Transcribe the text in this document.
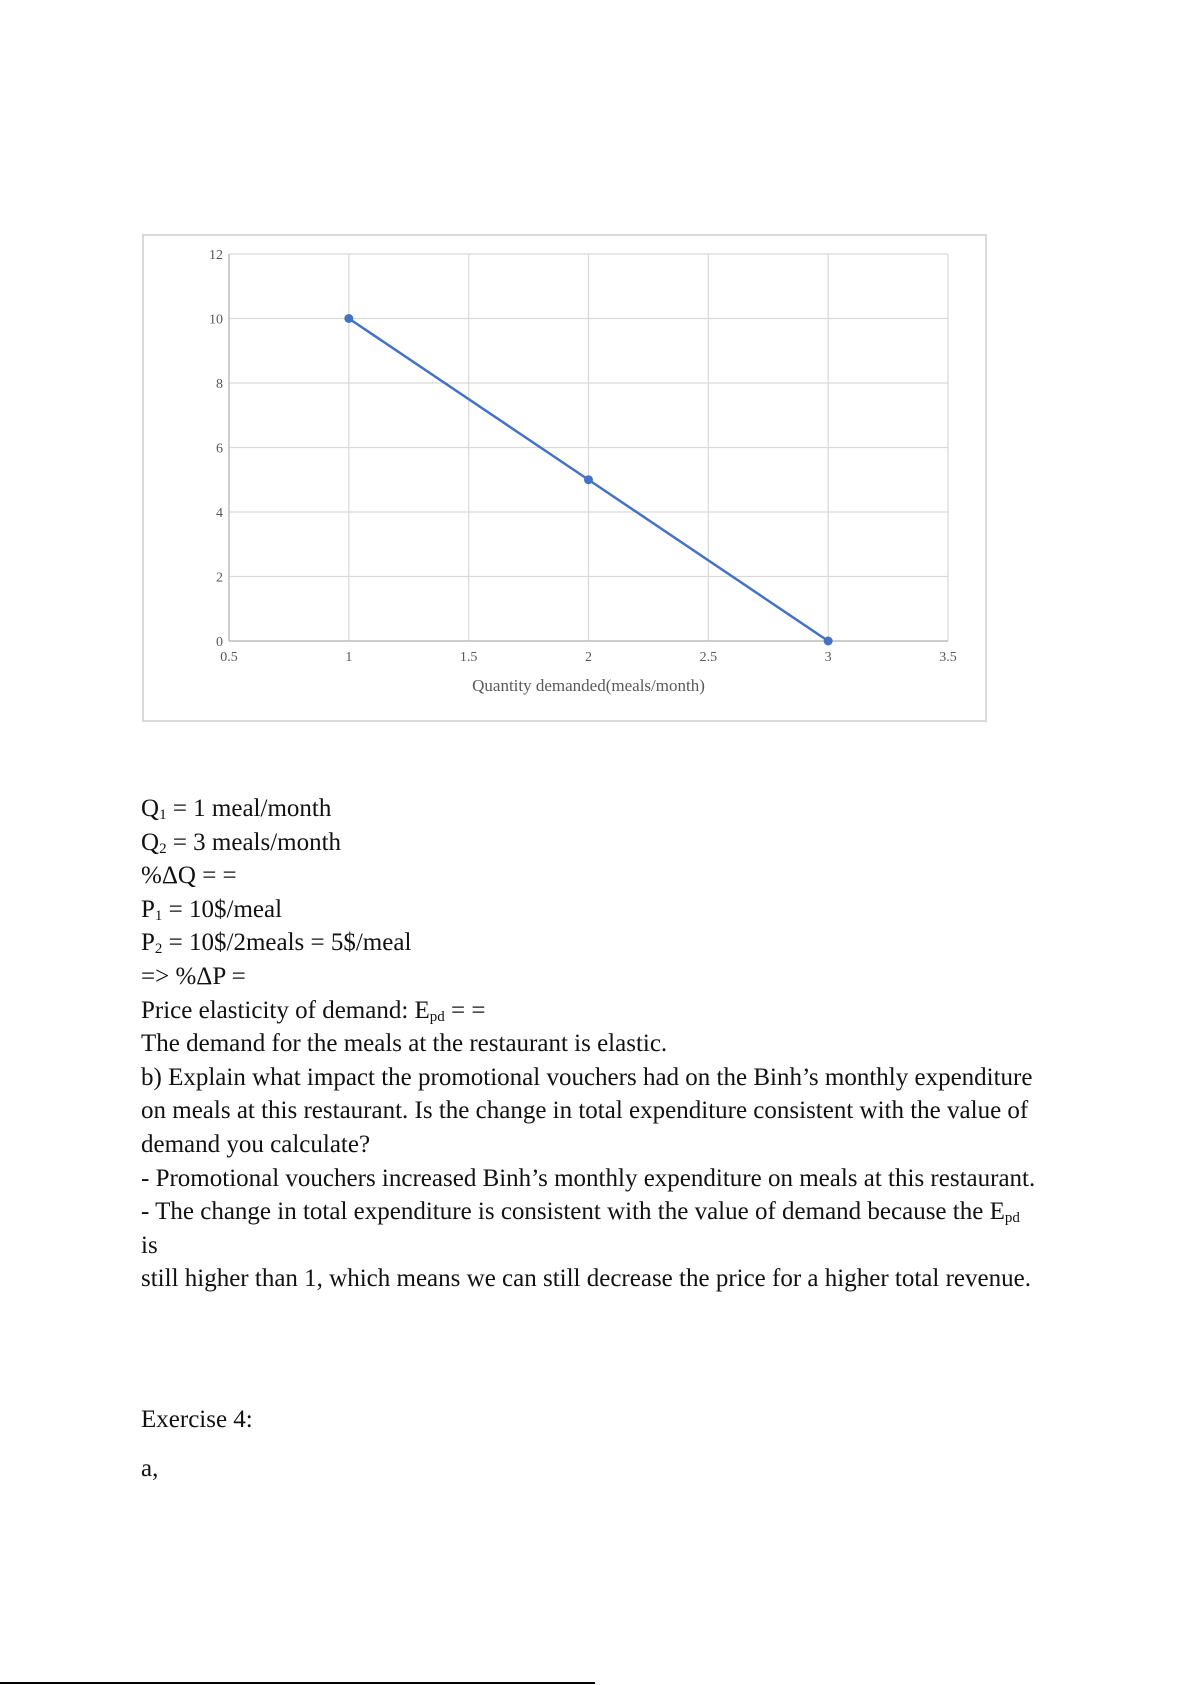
0
2
4
6
8
10
12
0.5	1	1.5	2	2.5	3	3.5
Quantity demanded(meals/month)
$Q_1 = 1$ meal/month
$Q_2 = 3$ meals/month
%ΔQ = =
$P_1$ = 10$/meal
$P_2$ = 10$/2meals = 5$/meal
=> %ΔP =
Price elasticity of demand: $E_{pd}$ = =
The demand for the meals at the restaurant is elastic.
b) Explain what impact the promotional vouchers had on the Binh’s monthly expenditure on meals at this restaurant. Is the change in total expenditure consistent with the value of demand you calculate?
- Promotional vouchers increased Binh’s monthly expenditure on meals at this restaurant.
- The change in total expenditure is consistent with the value of demand because the $E_{pd}$ is
still higher than 1, which means we can still decrease the price for a higher total revenue.
Exercise 4:
a,
